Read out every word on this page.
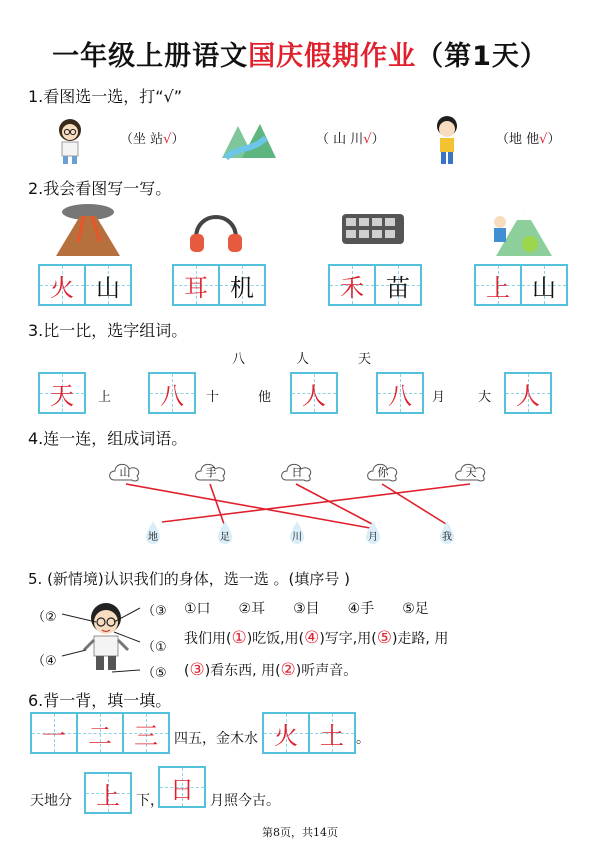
一年级上册语文国庆假期作业（第1天）
1.看图选一选，打“√”
（坐 站√）	（ 山 川√）	（地 他√）
2.我会看图写一写。
火 山	耳 机	禾 苗	上 山
3.比一比，选字组词。
八	人	天
天	上	八	十	他	人	八	月	大	人
4.连一连，组成词语。
山	手	日	你	天
地	足	川	月	我
5. (新情境)认识我们的身体，选一选 。(填序号 )
（②
（④
（③
（①
（⑤
①口　　②耳　　③目　　④手　　⑤足
我们用(①)吃饭,用(④)写字,用(⑤)走路, 用
(③)看东西, 用(②)听声音。
6.背一背，填一填。
一 二 三	四五，金木水 火 土 。
天地分	上	下， 日	月照今古。
第8页，共14页
